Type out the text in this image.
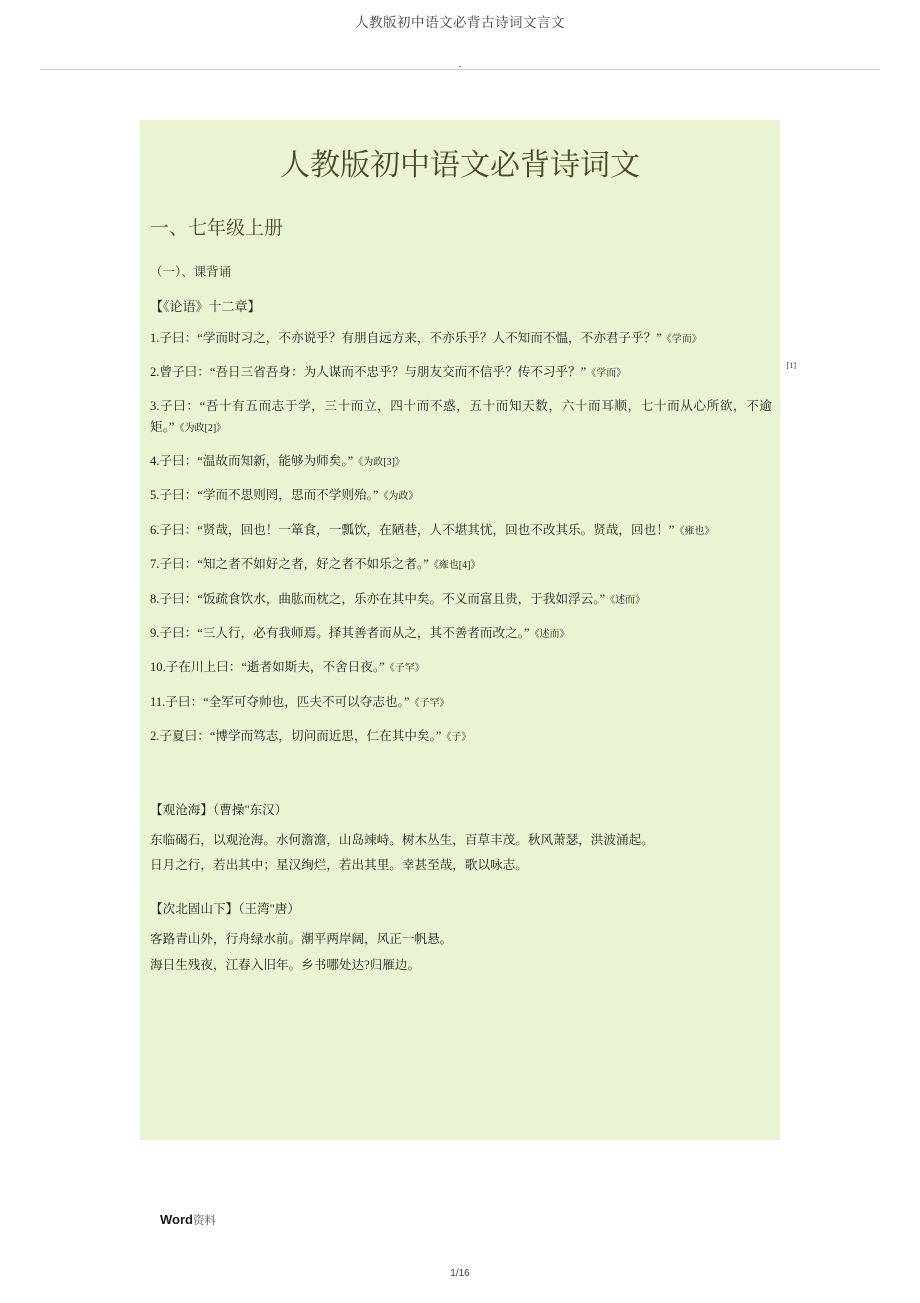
人教版初中语文必背古诗词文言文
.
人教版初中语文必背诗词文
一、七年级上册
（一）、课背诵
【《论语》十二章】
1.子曰：“学而时习之，不亦说乎？有朋自远方来，不亦乐乎？人不知而不愠，不亦君子乎？”《学而》
2.曾子曰：“吾日三省吾身：为人谋而不忠乎？与朋友交而不信乎？传不习乎？”《学而》
[1]
3.子曰：“吾十有五而志于学，三十而立，四十而不惑，五十而知天数，六十而耳顺，七十而从心所欲，不逾矩。”《为政[2]》
4.子曰：“温故而知新，能够为师矣。”《为政[3]》
5.子曰：“学而不思则罔，思而不学则殆。”《为政》
6.子曰：“贤哉，回也！一箪食，一瓢饮，在陋巷，人不堪其忧，回也不改其乐。贤哉，回也！”《雍也》
7.子曰：“知之者不如好之者，好之者不如乐之者。”《雍也[4]》
8.子曰：“饭疏食饮水，曲肱而枕之，乐亦在其中矣。不义而富且贵，于我如浮云。”《述而》
9.子曰：“三人行，必有我师焉。择其善者而从之，其不善者而改之。”《述而》
10.子在川上曰：“逝者如斯夫，不舍日夜。”《子罕》
11.子曰：“全军可夺帅也，匹夫不可以夺志也。”《子罕》
2.子夏曰：“博学而笃志，切问而近思，仁在其中矣。”《子》
【观沧海】（曹操"东汉）
东临碣石，以观沧海。水何澹澹，山岛竦峙。树木丛生，百草丰茂。秋风萧瑟，洪波涌起。
日月之行，若出其中；星汉绚烂，若出其里。幸甚至哉，歌以咏志。
【次北固山下】（王湾"唐）
客路青山外，行舟绿水前。潮平两岸阔，风正一帆悬。
海日生残夜，江春入旧年。乡书哪处达?归雁边。
Word资料
1/16
